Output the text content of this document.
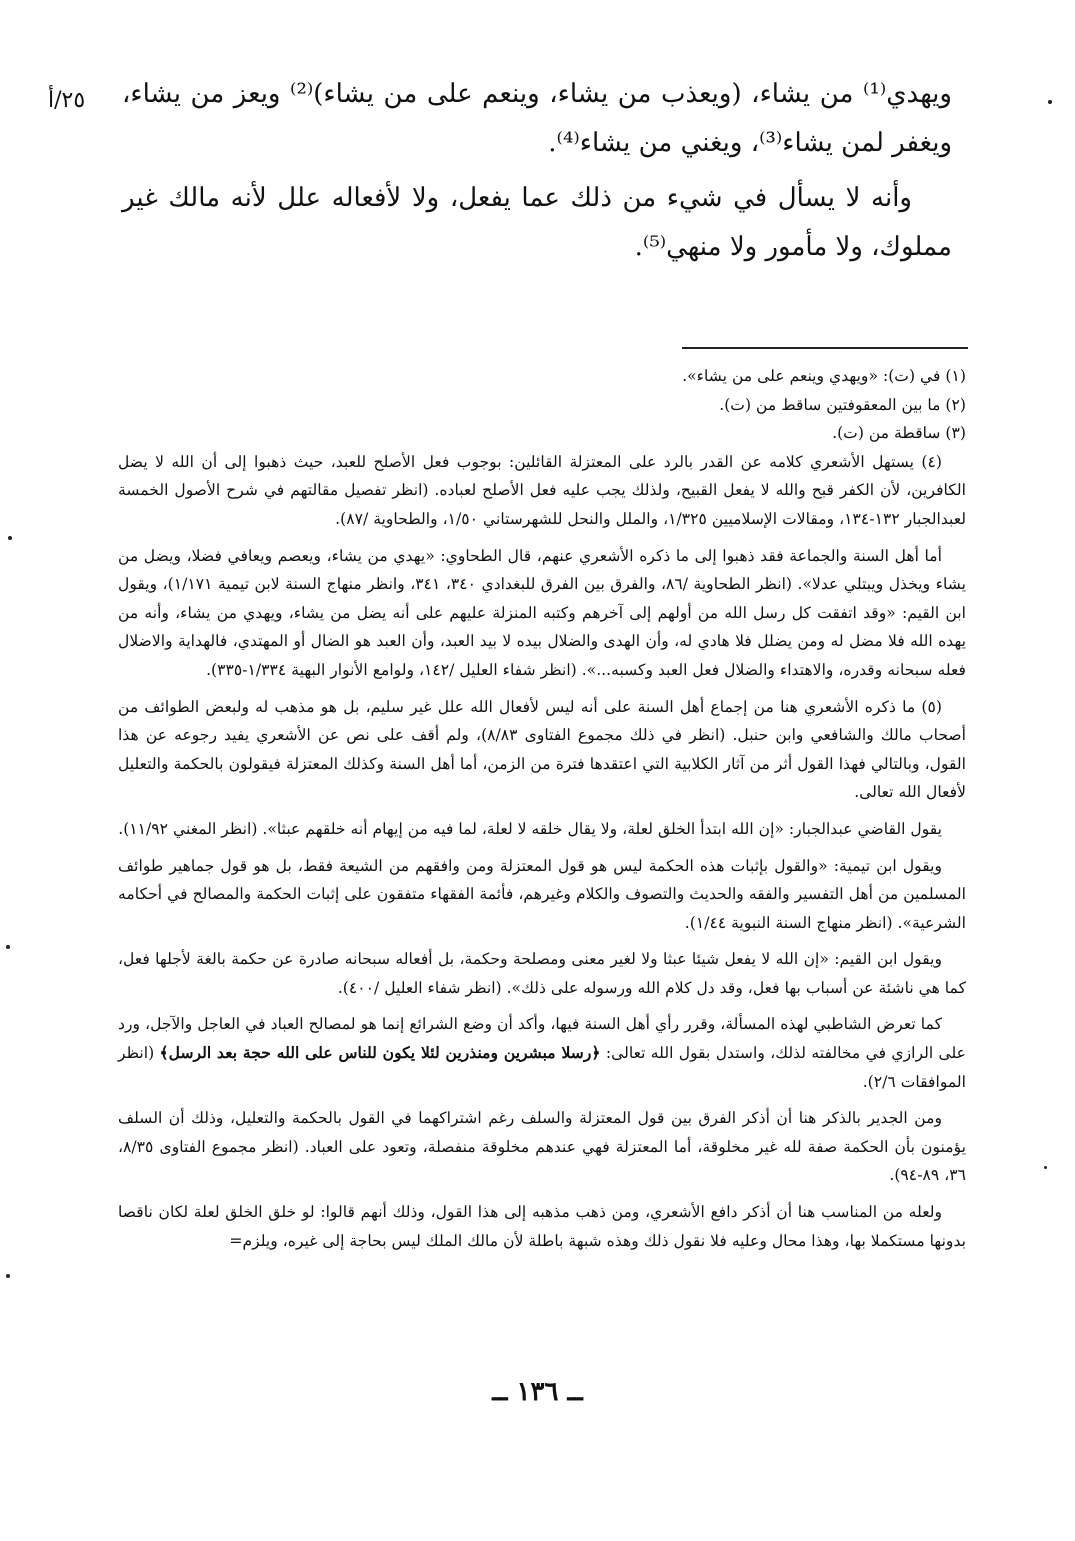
٢٥/أ ويهدي⁽¹⁾ من يشاء، (ويعذب من يشاء، وينعم على من يشاء)⁽²⁾ ويعز من يشاء، ويغفر لمن يشاء⁽³⁾، ويغني من يشاء⁽⁴⁾.

وأنه لا يسأل في شيء من ذلك عما يفعل، ولا لأفعاله علل لأنه مالك غير مملوك، ولا مأمور ولا منهي⁽⁵⁾.

(١) في (ت): «ويهدي وينعم على من يشاء».

(٢) ما بين المعقوفتين ساقط من (ت).

(٣) ساقطة من (ت).

(٤) يستهل الأشعري كلامه عن القدر بالرد على المعتزلة القائلين: بوجوب فعل الأصلح للعبد، حيث ذهبوا إلى أن الله لا يضل الكافرين، لأن الكفر قبح والله لا يفعل القبيح، ولذلك يجب عليه فعل الأصلح لعباده. (انظر تفصيل مقالتهم في شرح الأصول الخمسة لعبدالجبار ١٣٢-١٣٤، ومقالات الإسلاميين ١/٣٢٥، والملل والنحل للشهرستاني ١/٥٠، والطحاوية /٨٧).

أما أهل السنة والجماعة فقد ذهبوا إلى ما ذكره الأشعري عنهم، قال الطحاوي: «يهدي من يشاء، ويعصم ويعافي فضلا، ويضل من يشاء ويخذل ويبتلي عدلا». (انظر الطحاوية /٨٦، والفرق بين الفرق للبغدادي ٣٤٠، ٣٤١، وانظر منهاج السنة لابن تيمية ١/١٧١)، ويقول ابن القيم: «وقد اتفقت كل رسل الله من أولهم إلى آخرهم وكتبه المنزلة عليهم على أنه يضل من يشاء، ويهدي من يشاء، وأنه من يهده الله فلا مضل له ومن يضلل فلا هادي له، وأن الهدى والضلال بيده لا بيد العبد، وأن العبد هو الضال أو المهتدي، فالهداية والاضلال فعله سبحانه وقدره، والاهتداء والضلال فعل العبد وكسبه...». (انظر شفاء العليل /١٤٢، ولوامع الأنوار البهية ١/٣٣٤-٣٣٥).

(٥) ما ذكره الأشعري هنا من إجماع أهل السنة على أنه ليس لأفعال الله علل غير سليم، بل هو مذهب له ولبعض الطوائف من أصحاب مالك والشافعي وابن حنبل. (انظر في ذلك مجموع الفتاوى ٨/٨٣)، ولم أقف على نص عن الأشعري يفيد رجوعه عن هذا القول، وبالتالي فهذا القول أثر من آثار الكلابية التي اعتقدها فترة من الزمن، أما أهل السنة وكذلك المعتزلة فيقولون بالحكمة والتعليل لأفعال الله تعالى.

يقول القاضي عبدالجبار: «إن الله ابتدأ الخلق لعلة، ولا يقال خلقه لا لعلة، لما فيه من إيهام أنه خلقهم عبثا». (انظر المغني ١١/٩٢).

ويقول ابن تيمية: «والقول بإثبات هذه الحكمة ليس هو قول المعتزلة ومن وافقهم من الشيعة فقط، بل هو قول جماهير طوائف المسلمين من أهل التفسير والفقه والحديث والتصوف والكلام وغيرهم، فأئمة الفقهاء متفقون على إثبات الحكمة والمصالح في أحكامه الشرعية». (انظر منهاج السنة النبوية ١/٤٤).

ويقول ابن القيم: «إن الله لا يفعل شيئا عبثا ولا لغير معنى ومصلحة وحكمة، بل أفعاله سبحانه صادرة عن حكمة بالغة لأجلها فعل، كما هي ناشئة عن أسباب بها فعل، وقد دل كلام الله ورسوله على ذلك». (انظر شفاء العليل /٤٠٠).

كما تعرض الشاطبي لهذه المسألة، وقرر رأي أهل السنة فيها، وأكد أن وضع الشرائع إنما هو لمصالح العباد في العاجل والآجل، ورد على الرازي في مخالفته لذلك، واستدل بقول الله تعالى: ﴿رسلا مبشرين ومنذرين لئلا يكون للناس على الله حجة بعد الرسل﴾ (انظر الموافقات ٢/٦).

ومن الجدير بالذكر هنا أن أذكر الفرق بين قول المعتزلة والسلف رغم اشتراكهما في القول بالحكمة والتعليل، وذلك أن السلف يؤمنون بأن الحكمة صفة لله غير مخلوقة، أما المعتزلة فهي عندهم مخلوقة منفصلة، وتعود على العباد. (انظر مجموع الفتاوى ٨/٣٥، ٣٦، ٨٩-٩٤).

ولعله من المناسب هنا أن أذكر دافع الأشعري، ومن ذهب مذهبه إلى هذا القول، وذلك أنهم قالوا: لو خلق الخلق لعلة لكان ناقصا بدونها مستكملا بها، وهذا محال وعليه فلا نقول ذلك وهذه شبهة باطلة لأن مالك الملك ليس بحاجة إلى غيره، ويلزم=

ــ ١٣٦ ــ
